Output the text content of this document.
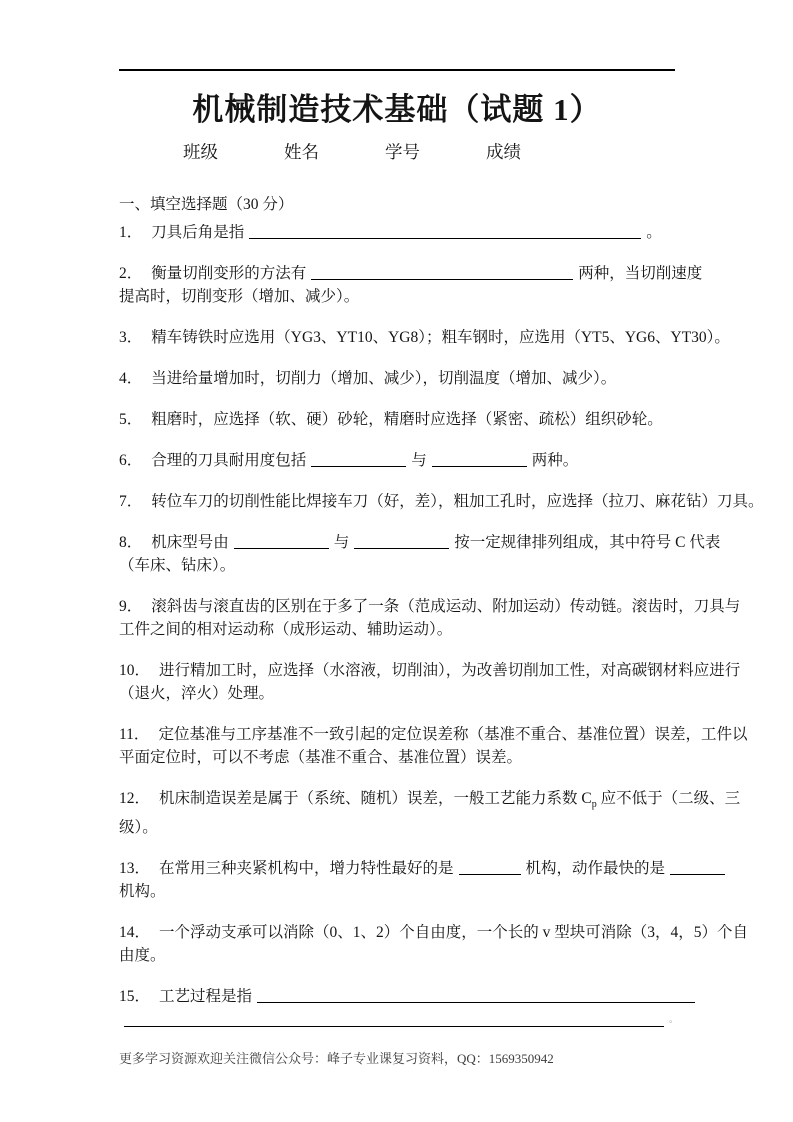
机械制造技术基础（试题 1）
班级	姓名	学号	成绩

一、填空选择题（30 分）

1． 刀具后角是指	。
2． 衡量切削变形的方法有	两种，当切削速度
提高时，切削变形（增加、减少）。
3． 精车铸铁时应选用（YG3、YT10、YG8）；粗车钢时，应选用（YT5、YG6、YT30）。
4． 当进给量增加时，切削力（增加、减少），切削温度（增加、减少）。
5． 粗磨时，应选择（软、硬）砂轮，精磨时应选择（紧密、疏松）组织砂轮。
6． 合理的刀具耐用度包括	与	两种。
7． 转位车刀的切削性能比焊接车刀（好，差），粗加工孔时，应选择（拉刀、麻花钻）刀具。
8． 机床型号由	与	按一定规律排列组成，其中符号 C 代表
（车床、钻床）。
9． 滚斜齿与滚直齿的区别在于多了一条（范成运动、附加运动）传动链。滚齿时，刀具与
工件之间的相对运动称（成形运动、辅助运动）。
10． 进行精加工时，应选择（水溶液，切削油），为改善切削加工性，对高碳钢材料应进行
（退火，淬火）处理。
11． 定位基准与工序基准不一致引起的定位误差称（基准不重合、基准位置）误差，工件以
平面定位时，可以不考虑（基准不重合、基准位置）误差。
12． 机床制造误差是属于（系统、随机）误差，一般工艺能力系数 $C_p$ 应不低于（二级、三
级）。
13． 在常用三种夹紧机构中，增力特性最好的是	机构，动作最快的是
机构。
14． 一个浮动支承可以消除（0、1、2）个自由度，一个长的 v 型块可消除（3，4，5）个自
由度。
15． 工艺过程是指
。

更多学习资源欢迎关注微信公众号：峰子专业课复习资料，QQ：1569350942
